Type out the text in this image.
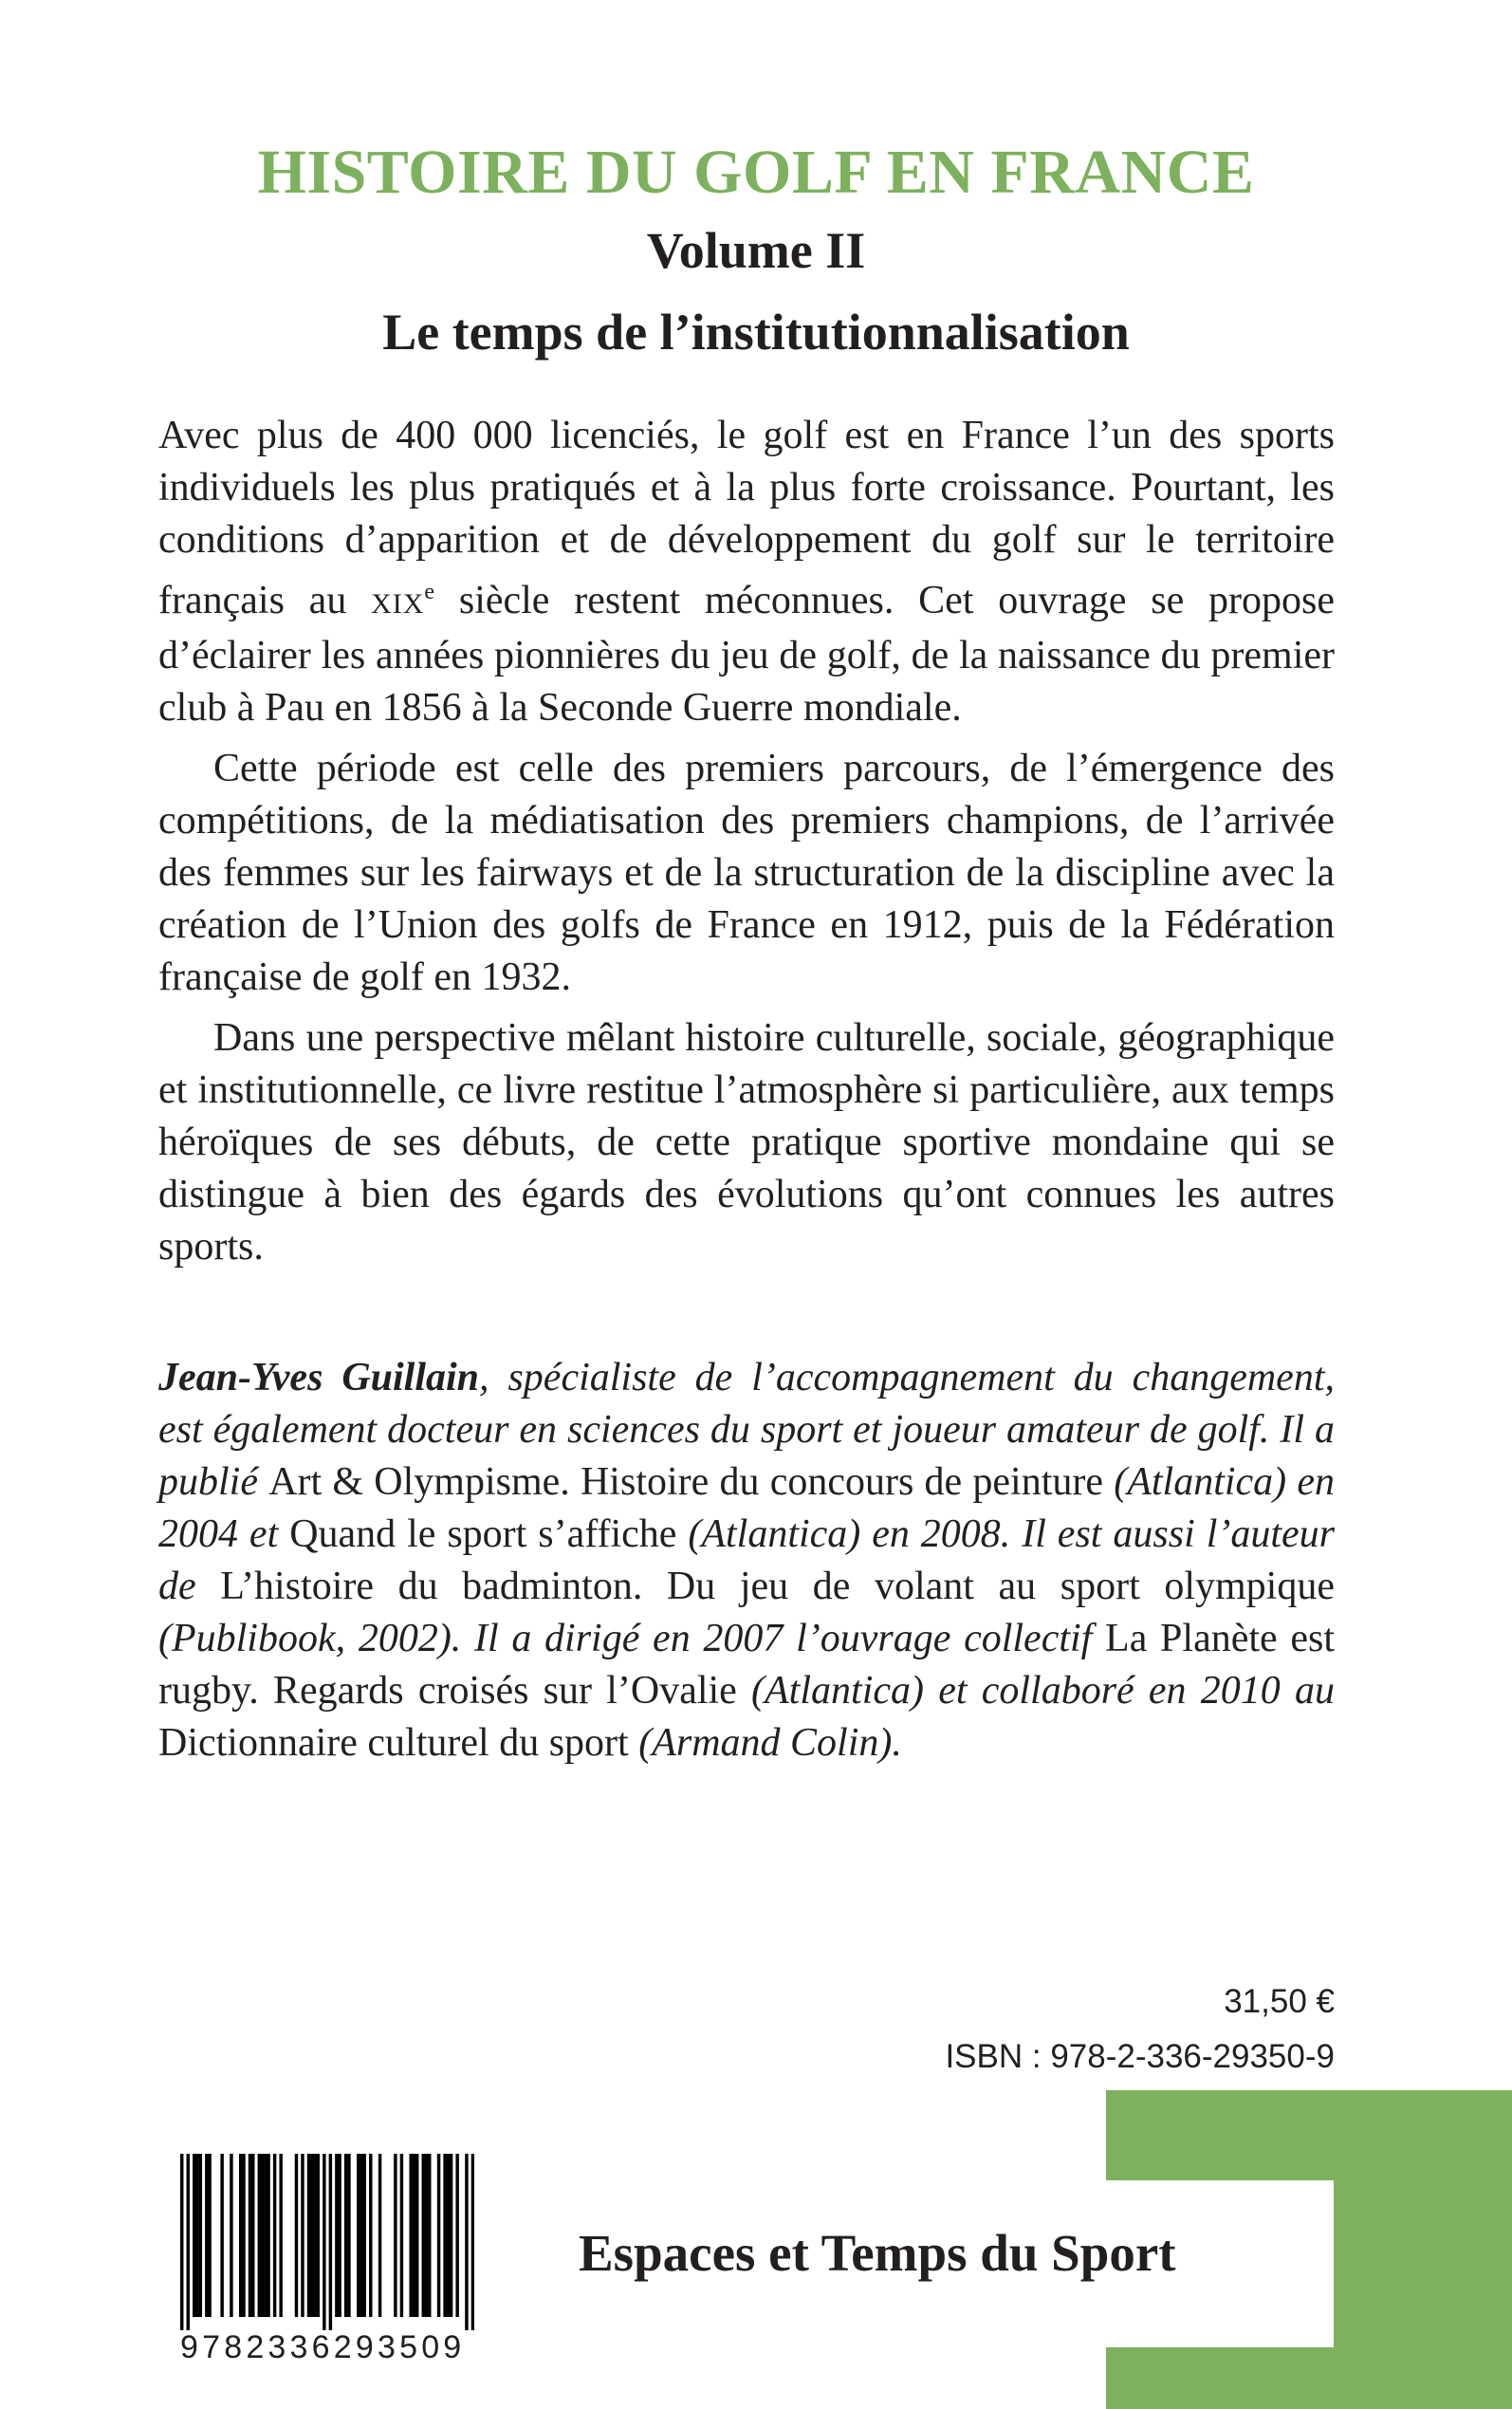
HISTOIRE DU GOLF EN FRANCE
Volume II
Le temps de l’institutionnalisation

Avec plus de 400 000 licenciés, le golf est en France l’un des sports individuels les plus pratiqués et à la plus forte croissance. Pourtant, les conditions d’apparition et de développement du golf sur le territoire français au XIXe siècle restent méconnues. Cet ouvrage se propose d’éclairer les années pionnières du jeu de golf, de la naissance du premier club à Pau en 1856 à la Seconde Guerre mondiale.

Cette période est celle des premiers parcours, de l’émergence des compétitions, de la médiatisation des premiers champions, de l’arrivée des femmes sur les fairways et de la structuration de la discipline avec la création de l’Union des golfs de France en 1912, puis de la Fédération française de golf en 1932.

Dans une perspective mêlant histoire culturelle, sociale, géographique et institutionnelle, ce livre restitue l’atmosphère si particulière, aux temps héroïques de ses débuts, de cette pratique sportive mondaine qui se distingue à bien des égards des évolutions qu’ont connues les autres sports.

Jean-Yves Guillain, spécialiste de l’accompagnement du changement, est également docteur en sciences du sport et joueur amateur de golf. Il a publié Art & Olympisme. Histoire du concours de peinture (Atlantica) en 2004 et Quand le sport s’affiche (Atlantica) en 2008. Il est aussi l’auteur de L’histoire du badminton. Du jeu de volant au sport olympique (Publibook, 2002). Il a dirigé en 2007 l’ouvrage collectif La Planète est rugby. Regards croisés sur l’Ovalie (Atlantica) et collaboré en 2010 au Dictionnaire culturel du sport (Armand Colin).
31,50 €
ISBN : 978-2-336-29350-9
9782336293509
Espaces et Temps du Sport
